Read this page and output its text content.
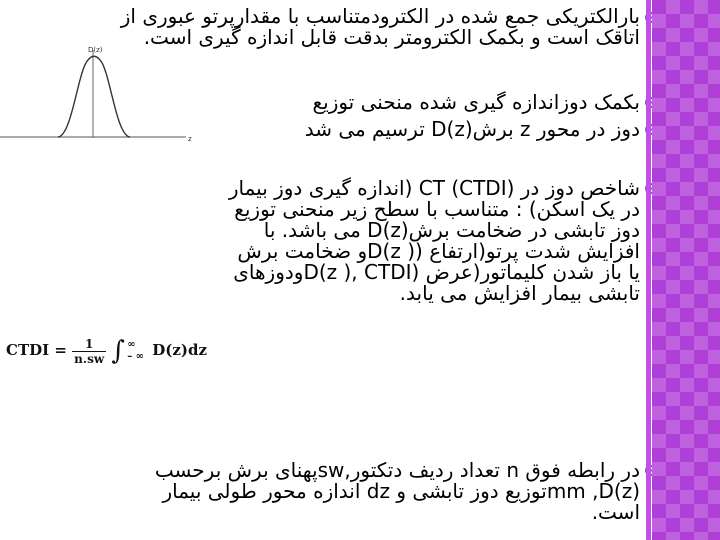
D(z)
z

بارالکتریکی جمع شده در الکترودمتناسب با مقدارپرتو عبوری از اتاقک است و بکمک الکترومتر بدقت قابل اندازه گیری است.

بکمک دوزاندازه گیری شده منحنی توزیع

دوز در محور z برش(D(z ترسیم می شد

شاخص دوز در (CT (CTDI (اندازه گیری دوز بیمار در یک اسکن) : متناسب با سطح زیر منحنی توزیع دوز تابشی در ضخامت برش(D(z می باشد. با افزایش شدت پرتو(ارتفاع (D(z )و ضخامت برش یا باز شدن کلیماتور(عرض (D(z ), CTDIودوزهای تابشی بیمار افزایش می یابد.

CTDI = $\frac{1}{n.sw}$ ∫ ∞
– ∞ D(z)dz

در رابطه فوق n تعداد ردیف دتکتور,swپهنای برش برحسب mm ,D(z)توزیع دوز تابشی و dz اندازه محور طولی بیمار است.
